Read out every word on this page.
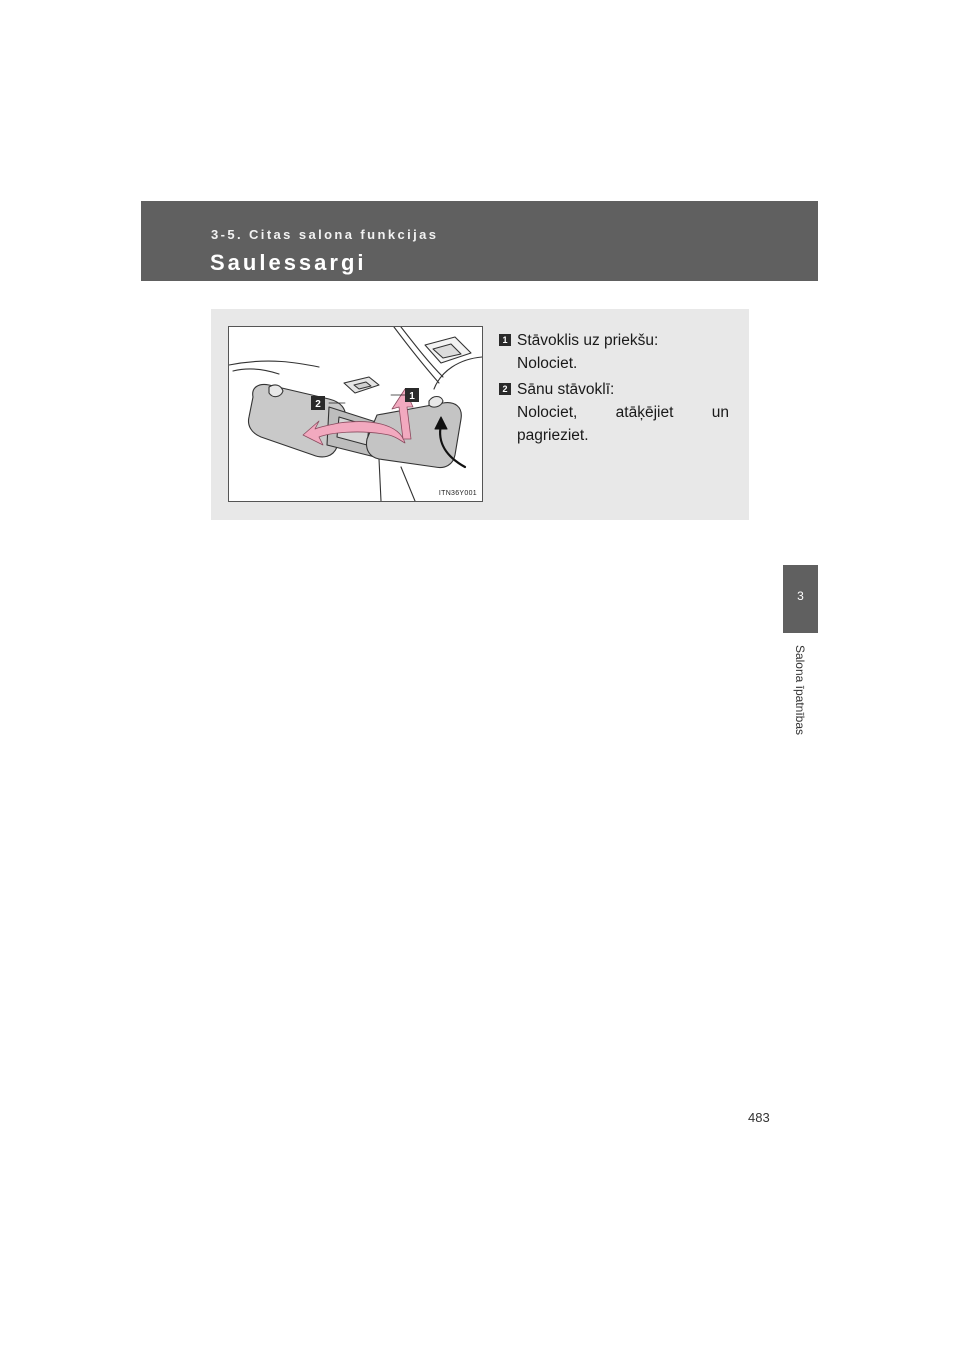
3-5. Citas salona funkcijas
Saulessargi
3
Salona īpatnības
2
1
ITN36Y001
1 Stāvoklis uz priekšu:
Nolociet.
2 Sānu stāvoklī:
Nolociet, atāķējiet un
pagrieziet.
483
